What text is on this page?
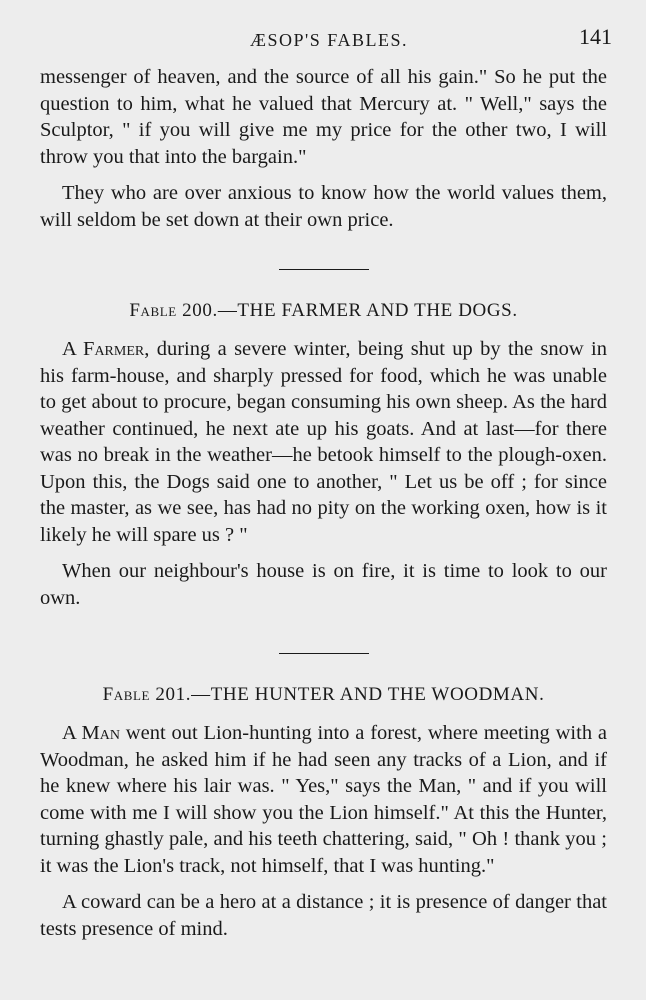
ÆSOP'S FABLES.	141

messenger of heaven, and the source of all his gain." So he put the question to him, what he valued that Mercury at. " Well," says the Sculptor, " if you will give me my price for the other two, I will throw you that into the bargain."

They who are over anxious to know how the world values them, will seldom be set down at their own price.

Fable 200.—THE FARMER AND THE DOGS.

A Farmer, during a severe winter, being shut up by the snow in his farm-house, and sharply pressed for food, which he was unable to get about to procure, began consuming his own sheep. As the hard weather continued, he next ate up his goats. And at last—for there was no break in the weather—he betook himself to the plough-oxen. Upon this, the Dogs said one to another, " Let us be off ; for since the master, as we see, has had no pity on the working oxen, how is it likely he will spare us ? "

When our neighbour's house is on fire, it is time to look to our own.

Fable 201.—THE HUNTER AND THE WOODMAN.

A Man went out Lion-hunting into a forest, where meeting with a Woodman, he asked him if he had seen any tracks of a Lion, and if he knew where his lair was. " Yes," says the Man, " and if you will come with me I will show you the Lion himself." At this the Hunter, turning ghastly pale, and his teeth chattering, said, " Oh ! thank you ; it was the Lion's track, not himself, that I was hunting."

A coward can be a hero at a distance ; it is presence of danger that tests presence of mind.
